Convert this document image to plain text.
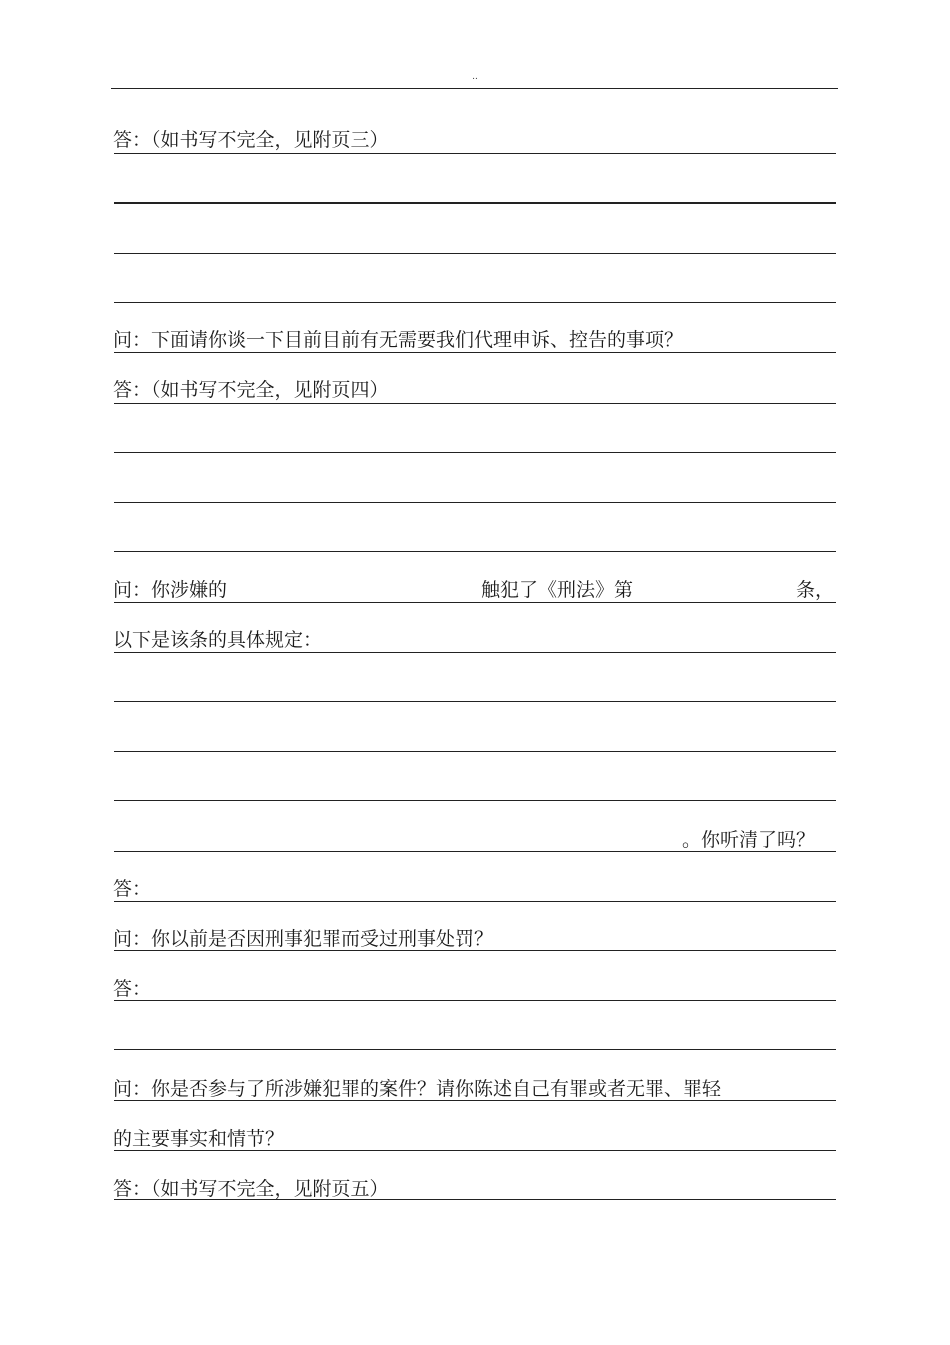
..
答：（如书写不完全，见附页三）
问：下面请你谈一下目前目前有无需要我们代理申诉、控告的事项？
答：（如书写不完全，见附页四）
问：你涉嫌的	触犯了《刑法》第	条，
以下是该条的具体规定：
。你听清了吗？
答：
问：你以前是否因刑事犯罪而受过刑事处罚？
答：
问：你是否参与了所涉嫌犯罪的案件？请你陈述自己有罪或者无罪、罪轻
的主要事实和情节？
答：（如书写不完全，见附页五）
